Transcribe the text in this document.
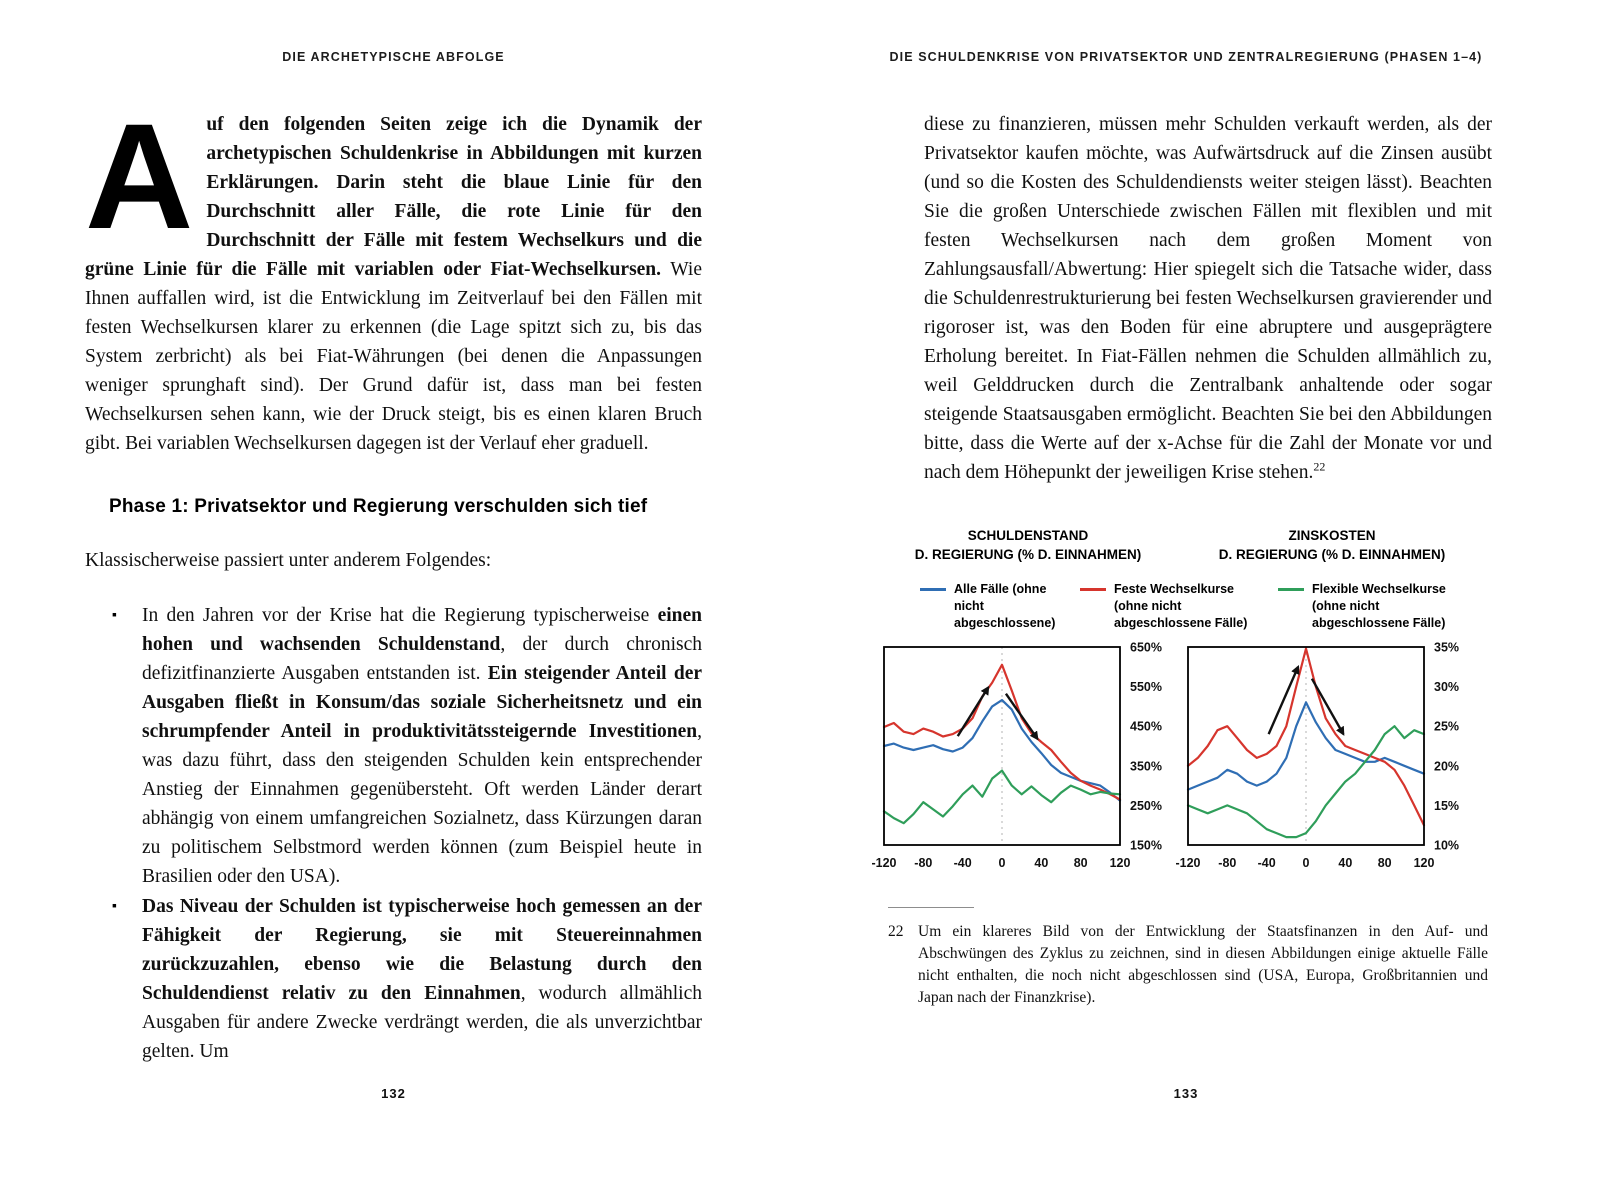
DIE ARCHETYPISCHE ABFOLGE

Auf den folgenden Seiten zeige ich die Dynamik der archetypischen Schuldenkrise in Abbildungen mit kurzen Erklärungen. Darin steht die blaue Linie für den Durchschnitt aller Fälle, die rote Linie für den Durchschnitt der Fälle mit festem Wechselkurs und die grüne Linie für die Fälle mit variablen oder Fiat-Wechselkursen. Wie Ihnen auffallen wird, ist die Entwicklung im Zeitverlauf bei den Fällen mit festen Wechselkursen klarer zu erkennen (die Lage spitzt sich zu, bis das System zerbricht) als bei Fiat-Währungen (bei denen die Anpassungen weniger sprunghaft sind). Der Grund dafür ist, dass man bei festen Wechselkursen sehen kann, wie der Druck steigt, bis es einen klaren Bruch gibt. Bei variablen Wechselkursen dagegen ist der Verlauf eher graduell.

Phase 1: Privatsektor und Regierung verschulden sich tief

Klassischerweise passiert unter anderem Folgendes:

▪ In den Jahren vor der Krise hat die Regierung typischerweise einen hohen und wachsenden Schuldenstand, der durch chronisch defizitfinanzierte Ausgaben entstanden ist. Ein steigender Anteil der Ausgaben fließt in Konsum/das soziale Sicherheitsnetz und ein schrumpfender Anteil in produktivitätssteigernde Investitionen, was dazu führt, dass den steigenden Schulden kein entsprechender Anstieg der Einnahmen gegenübersteht. Oft werden Länder derart abhängig von einem umfangreichen Sozialnetz, dass Kürzungen daran zu politischem Selbstmord werden können (zum Beispiel heute in Brasilien oder den USA).
▪ Das Niveau der Schulden ist typischerweise hoch gemessen an der Fähigkeit der Regierung, sie mit Steuereinnahmen zurückzuzahlen, ebenso wie die Belastung durch den Schuldendienst relativ zu den Einnahmen, wodurch allmählich Ausgaben für andere Zwecke verdrängt werden, die als unverzichtbar gelten. Um
132
DIE SCHULDENKRISE VON PRIVATSEKTOR UND ZENTRALREGIERUNG (PHASEN 1–4)

diese zu finanzieren, müssen mehr Schulden verkauft werden, als der Privatsektor kaufen möchte, was Aufwärtsdruck auf die Zinsen ausübt (und so die Kosten des Schuldendiensts weiter steigen lässt). Beachten Sie die großen Unterschiede zwischen Fällen mit flexiblen und mit festen Wechselkursen nach dem großen Moment von Zahlungsausfall/Abwertung: Hier spiegelt sich die Tatsache wider, dass die Schuldenrestrukturierung bei festen Wechselkursen gravierender und rigoroser ist, was den Boden für eine abruptere und ausgeprägtere Erholung bereitet. In Fiat-Fällen nehmen die Schulden allmählich zu, weil Gelddrucken durch die Zentralbank anhaltende oder sogar steigende Staatsausgaben ermöglicht. Beachten Sie bei den Abbildungen bitte, dass die Werte auf der x-Achse für die Zahl der Monate vor und nach dem Höhepunkt der jeweiligen Krise stehen.$^{22}$

SCHULDENSTAND
D. REGIERUNG (% D. EINNAHMEN)
ZINSKOSTEN
D. REGIERUNG (% D. EINNAHMEN)
Alle Fälle (ohne nicht abgeschlossene)
Feste Wechselkurse (ohne nicht abgeschlossene Fälle)
Flexible Wechselkurse (ohne nicht abgeschlossene Fälle)
650%
550%
450%
350%
250%
150%
-120 -80 -40 0 40 80 120
35%
30%
25%
20%
15%
10%
-120 -80 -40 0 40 80 120
22 Um ein klareres Bild von der Entwicklung der Staatsfinanzen in den Auf- und Abschwüngen des Zyklus zu zeichnen, sind in diesen Abbildungen einige aktuelle Fälle nicht enthalten, die noch nicht abgeschlossen sind (USA, Europa, Großbritannien und Japan nach der Finanzkrise).
133
